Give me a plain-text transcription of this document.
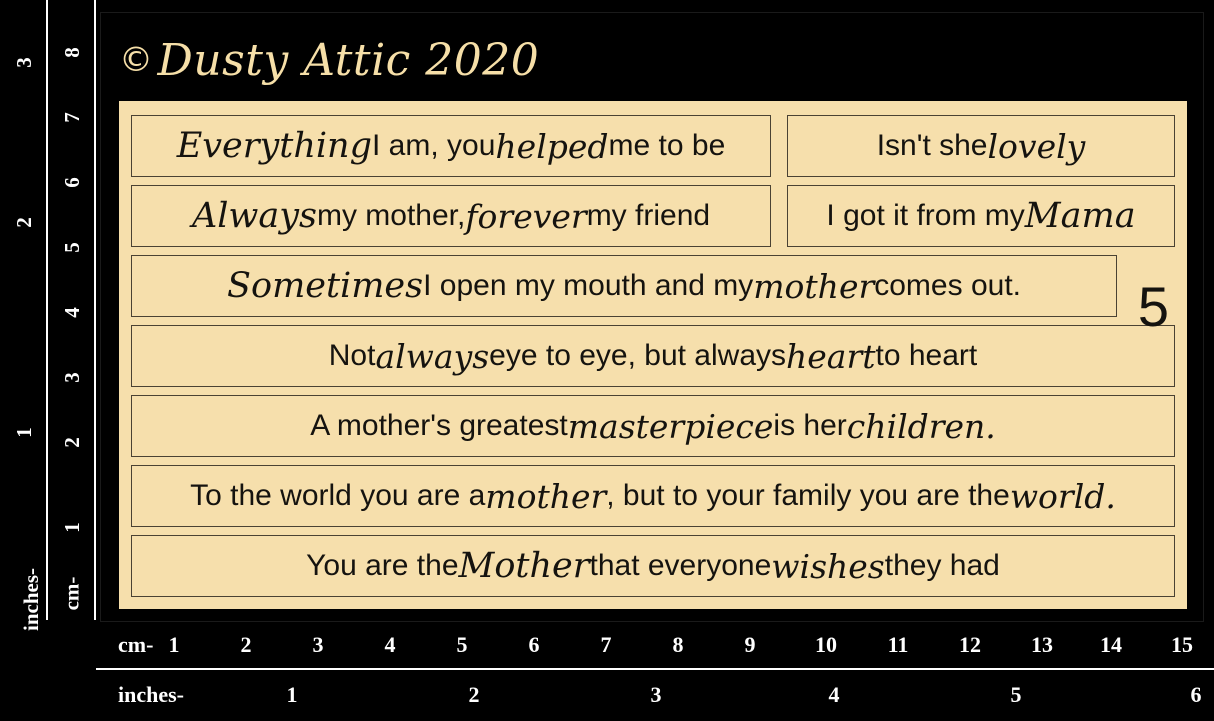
3
2
1
inches-
8
7
6
5
4
3
2
1
cm-
cm- 1	2	3	4	5	6	7	8	9	10 11 12 13 14 15
inches-	1	2	3	4	5	6
©Dusty Attic 2020
Everything I am, you helped me to be	Isn't she lovely
Always my mother, forever my friend	I got it from my Mama
Sometimes I open my mouth and my mother comes out.
Not always eye to eye, but always heart to heart
A mother's greatest masterpiece is her children.
To the world you are a mother , but to your family you are the world.
You are the Mother that everyone wishes they had
5
